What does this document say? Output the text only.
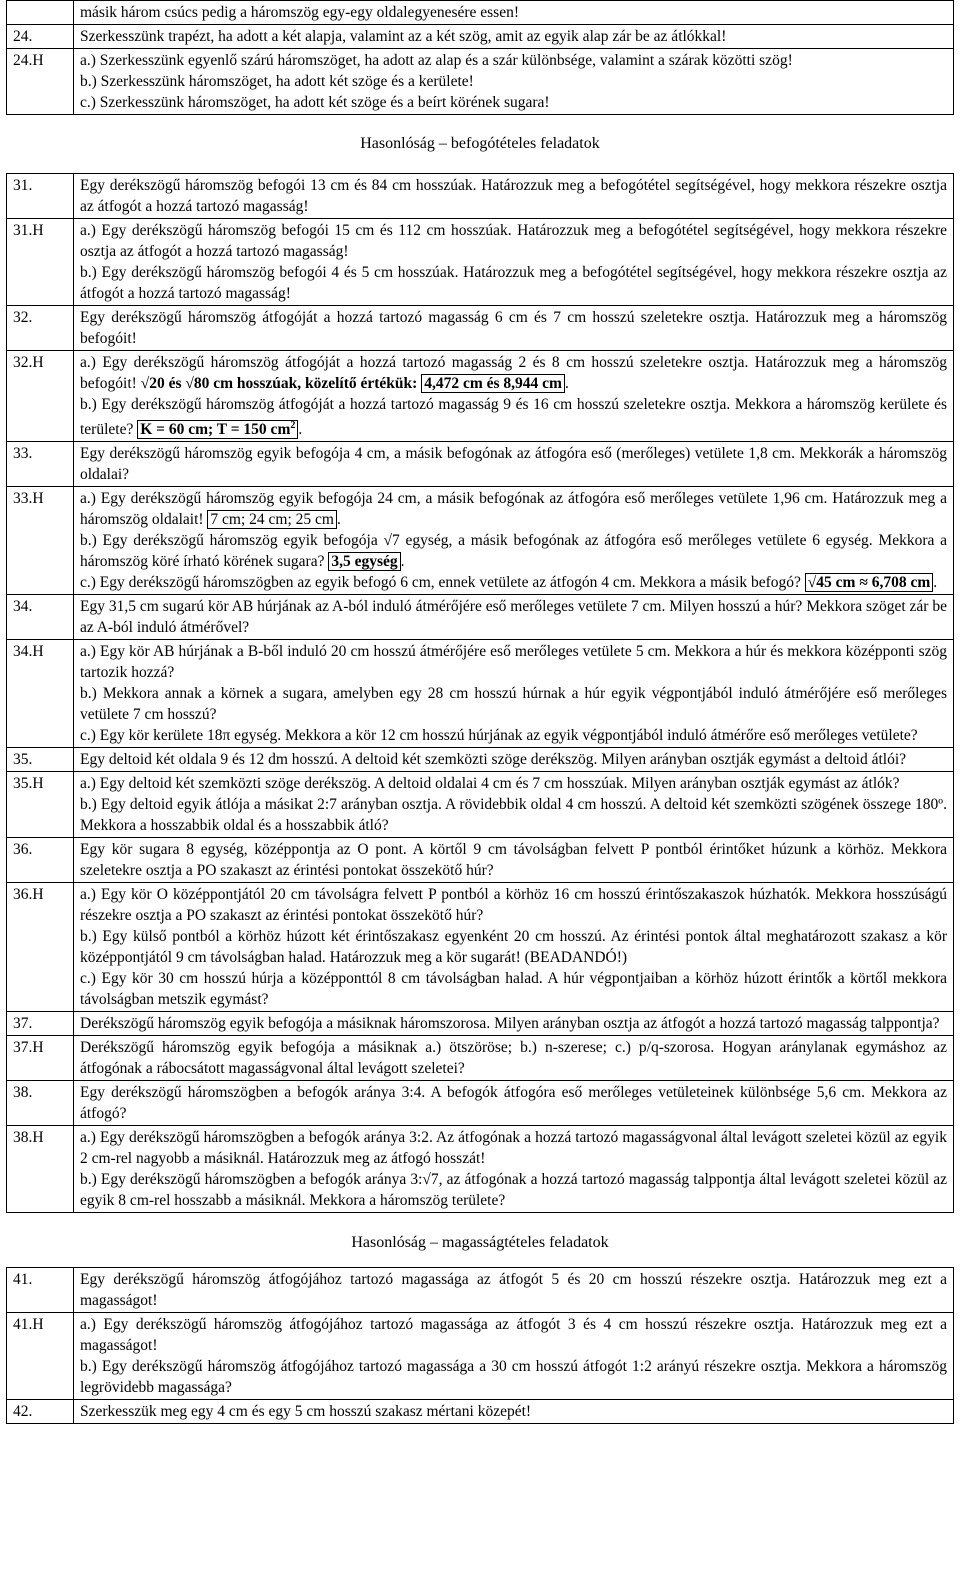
	másik három csúcs pedig a háromszög egy-egy oldalegyenesére essen!
24.	Szerkesszünk trapézt, ha adott a két alapja, valamint az a két szög, amit az egyik alap zár be az átlókkal!
24.H	a.) Szerkesszünk egyenlő szárú háromszöget, ha adott az alap és a szár különbsége, valamint a szárak közötti szög!
b.) Szerkesszünk háromszöget, ha adott két szöge és a kerülete!
c.) Szerkesszünk háromszöget, ha adott két szöge és a beírt körének sugara!
Hasonlóság – befogótételes feladatok
31.	Egy derékszögű háromszög befogói 13 cm és 84 cm hosszúak. Határozzuk meg a befogótétel segítségével, hogy mekkora részekre osztja az átfogót a hozzá tartozó magasság!
31.H	a.) Egy derékszögű háromszög befogói 15 cm és 112 cm hosszúak. Határozzuk meg a befogótétel segítségével, hogy mekkora részekre osztja az átfogót a hozzá tartozó magasság!
b.) Egy derékszögű háromszög befogói 4 és 5 cm hosszúak. Határozzuk meg a befogótétel segítségével, hogy mekkora részekre osztja az átfogót a hozzá tartozó magasság!

32.	Egy derékszögű háromszög átfogóját a hozzá tartozó magasság 6 cm és 7 cm hosszú szeletekre osztja. Határozzuk meg a háromszög befogóit!
32.H	a.) Egy derékszögű háromszög átfogóját a hozzá tartozó magasság 2 és 8 cm hosszú szeletekre osztja. Határozzuk meg a háromszög befogóit! √20 és √80 cm hosszúak, közelítő értékük: 4,472 cm és 8,944 cm .
b.) Egy derékszögű háromszög átfogóját a hozzá tartozó magasság 9 és 16 cm hosszú szeletekre osztja. Mekkora a háromszög kerülete és területe? K = 60 cm; T = 150 $cm^2$ .

33.	Egy derékszögű háromszög egyik befogója 4 cm, a másik befogónak az átfogóra eső (merőleges) vetülete 1,8 cm. Mekkorák a háromszög oldalai?
33.H	a.) Egy derékszögű háromszög egyik befogója 24 cm, a másik befogónak az átfogóra eső merőleges vetülete 1,96 cm. Határozzuk meg a háromszög oldalait! 7 cm; 24 cm; 25 cm .
b.) Egy derékszögű háromszög egyik befogója √7 egység, a másik befogónak az átfogóra eső merőleges vetülete 6 egység. Mekkora a háromszög köré írható körének sugara? 3,5 egység .
c.) Egy derékszögű háromszögben az egyik befogó 6 cm, ennek vetülete az átfogón 4 cm. Mekkora a másik befogó? √45 cm ≈ 6,708 cm .

34.	Egy 31,5 cm sugarú kör AB húrjának az A-ból induló átmérőjére eső merőleges vetülete 7 cm. Milyen hosszú a húr? Mekkora szöget zár be az A-ból induló átmérővel?
34.H	a.) Egy kör AB húrjának a B-ből induló 20 cm hosszú átmérőjére eső merőleges vetülete 5 cm. Mekkora a húr és mekkora középponti szög tartozik hozzá?
b.) Mekkora annak a körnek a sugara, amelyben egy 28 cm hosszú húrnak a húr egyik végpontjából induló átmérőjére eső merőleges vetülete 7 cm hosszú?
c.) Egy kör kerülete 18π egység. Mekkora a kör 12 cm hosszú húrjának az egyik végpontjából induló átmérőre eső merőleges vetülete?

35.	Egy deltoid két oldala 9 és 12 dm hosszú. A deltoid két szemközti szöge derékszög. Milyen arányban osztják egymást a deltoid átlói?
35.H	a.) Egy deltoid két szemközti szöge derékszög. A deltoid oldalai 4 cm és 7 cm hosszúak. Milyen arányban osztják egymást az átlók?
b.) Egy deltoid egyik átlója a másikat 2:7 arányban osztja. A rövidebbik oldal 4 cm hosszú. A deltoid két szemközti szögének összege 180º. Mekkora a hosszabbik oldal és a hosszabbik átló?

36.	Egy kör sugara 8 egység, középpontja az O pont. A körtől 9 cm távolságban felvett P pontból érintőket húzunk a körhöz. Mekkora szeletekre osztja a PO szakaszt az érintési pontokat összekötő húr?
36.H	a.) Egy kör O középpontjától 20 cm távolságra felvett P pontból a körhöz 16 cm hosszú érintőszakaszok húzhatók. Mekkora hosszúságú részekre osztja a PO szakaszt az érintési pontokat összekötő húr?
b.) Egy külső pontból a körhöz húzott két érintőszakasz egyenként 20 cm hosszú. Az érintési pontok által meghatározott szakasz a kör középpontjától 9 cm távolságban halad. Határozzuk meg a kör sugarát! (BEADANDÓ!)
c.) Egy kör 30 cm hosszú húrja a középponttól 8 cm távolságban halad. A húr végpontjaiban a körhöz húzott érintők a körtől mekkora távolságban metszik egymást?

37.	Derékszögű háromszög egyik befogója a másiknak háromszorosa. Milyen arányban osztja az átfogót a hozzá tartozó magasság talppontja?
37.H	Derékszögű háromszög egyik befogója a másiknak a.) ötszöröse; b.) n-szerese; c.) p/q-szorosa. Hogyan aránylanak egymáshoz az átfogónak a rábocsátott magasságvonal által levágott szeletei?
38.	Egy derékszögű háromszögben a befogók aránya 3:4. A befogók átfogóra eső merőleges vetületeinek különbsége 5,6 cm. Mekkora az átfogó?
38.H	a.) Egy derékszögű háromszögben a befogók aránya 3:2. Az átfogónak a hozzá tartozó magasságvonal által levágott szeletei közül az egyik 2 cm-rel nagyobb a másiknál. Határozzuk meg az átfogó hosszát!
b.) Egy derékszögű háromszögben a befogók aránya 3:√7, az átfogónak a hozzá tartozó magasság talppontja által levágott szeletei közül az egyik 8 cm-rel hosszabb a másiknál. Mekkora a háromszög területe?
Hasonlóság – magasságtételes feladatok
41.	Egy derékszögű háromszög átfogójához tartozó magassága az átfogót 5 és 20 cm hosszú részekre osztja. Határozzuk meg ezt a magasságot!
41.H	a.) Egy derékszögű háromszög átfogójához tartozó magassága az átfogót 3 és 4 cm hosszú részekre osztja. Határozzuk meg ezt a magasságot!
b.) Egy derékszögű háromszög átfogójához tartozó magassága a 30 cm hosszú átfogót 1:2 arányú részekre osztja. Mekkora a háromszög legrövidebb magassága?

42.	Szerkesszük meg egy 4 cm és egy 5 cm hosszú szakasz mértani közepét!
